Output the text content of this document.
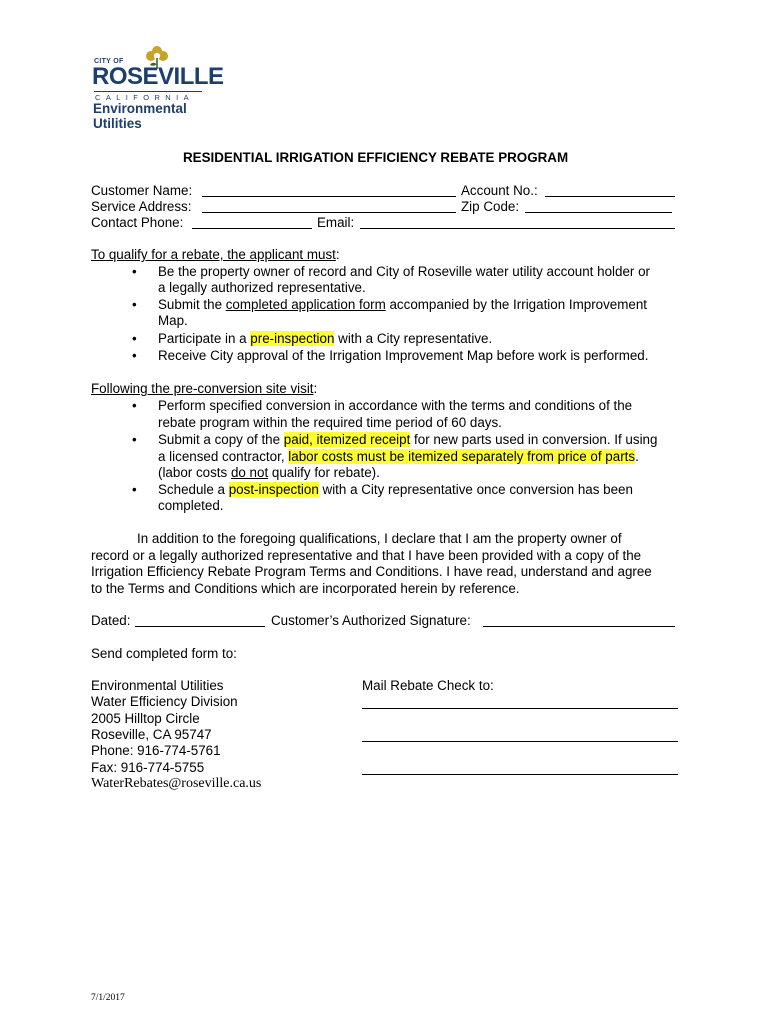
CITY OF
ROSEVILLE
CALIFORNIA
Environmental
Utilities
RESIDENTIAL IRRIGATION EFFICIENCY REBATE PROGRAM
Customer Name:	Account No.:
Service Address:	Zip Code:
Contact Phone:	Email:
To qualify for a rebate, the applicant must:
• Be the property owner of record and City of Roseville water utility account holder or
a legally authorized representative.
• Submit the completed application form accompanied by the Irrigation Improvement
Map.
• Participate in a pre-inspection with a City representative.
• Receive City approval of the Irrigation Improvement Map before work is performed.
Following the pre-conversion site visit:
• Perform specified conversion in accordance with the terms and conditions of the
rebate program within the required time period of 60 days.
• Submit a copy of the paid, itemized receipt for new parts used in conversion. If using
a licensed contractor, labor costs must be itemized separately from price of parts.
(labor costs do not qualify for rebate).
• Schedule a post-inspection with a City representative once conversion has been
completed.
In addition to the foregoing qualifications, I declare that I am the property owner of
record or a legally authorized representative and that I have been provided with a copy of the
Irrigation Efficiency Rebate Program Terms and Conditions. I have read, understand and agree
to the Terms and Conditions which are incorporated herein by reference.
Dated:	Customer’s Authorized Signature:
Send completed form to:
Environmental Utilities
Water Efficiency Division
2005 Hilltop Circle
Roseville, CA 95747
Phone: 916-774-5761
Fax: 916-774-5755
WaterRebates@roseville.ca.us
Mail Rebate Check to:
7/1/2017
